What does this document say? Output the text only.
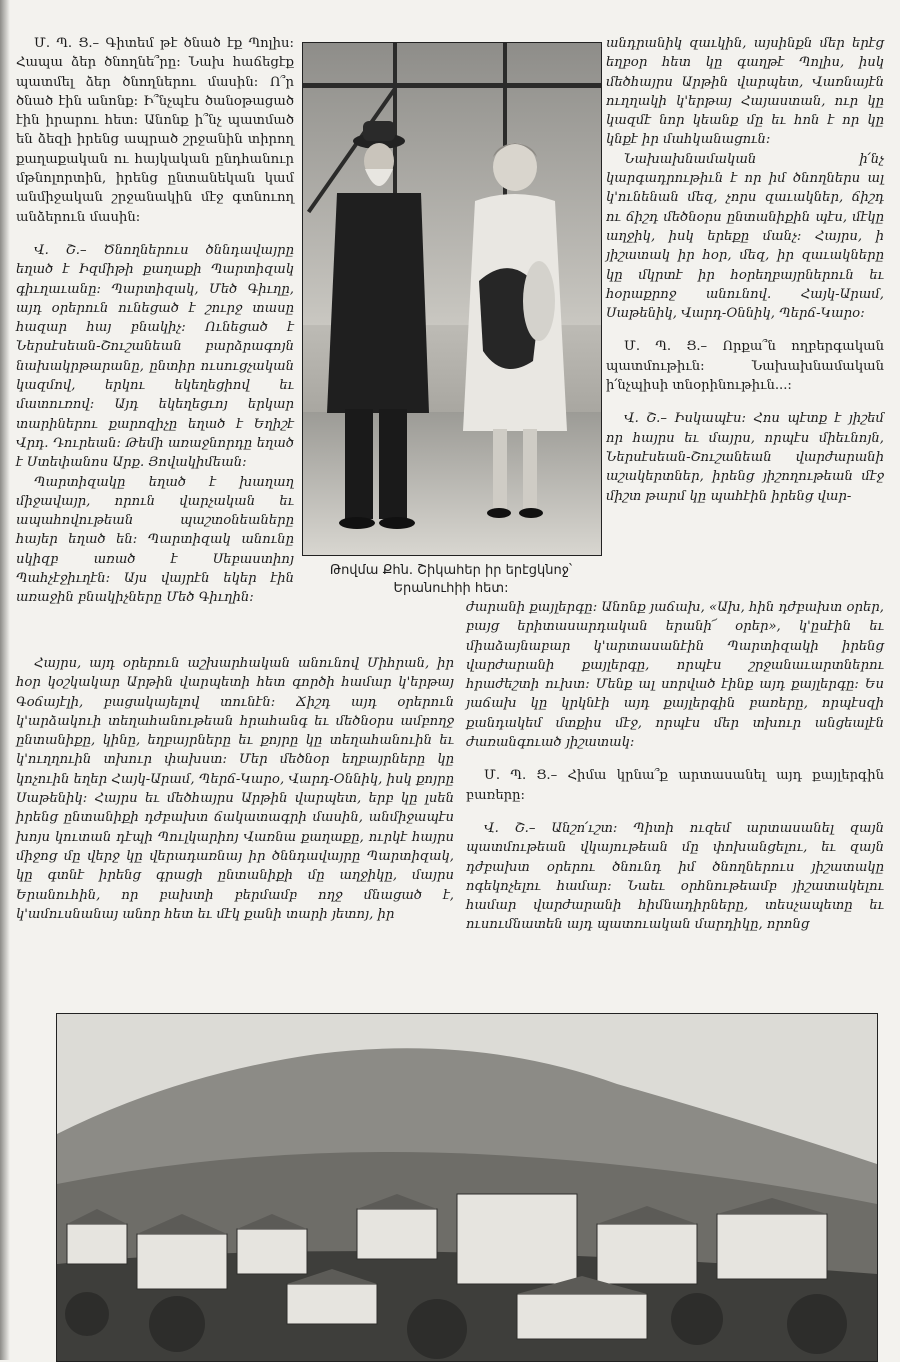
Մ. Պ. Ց.– Գիտեմ թէ ծնած էք Պոլիս: Հապա ձեր ծնողնե՞րը: Նախ հաճեցէք պատմել ձեր ծնողներու մասին: Ո՞ր ծնած էին անոնք: Ի՞նչպէս ծանօթացած էին իրարու հետ: Անոնք ի՞նչ պատմած են ձեզի իրենց ապրած շրջանին տիրող քաղաքական ու հայկական ընդհանուր մթնոլորտին, իրենց ընտանեկան կամ անմիջական շրջանակին մէջ գտնուող անձերուն մասին:

Վ. Շ.– Ծնողներուս ծննդավայրը եղած է Իզմիթի քաղաքի Պարտիզակ գիւղաւանը: Պարտիզակ, Մեծ Գիւղը, այդ օրերուն ունեցած է շուրջ տասը հազար հայ բնակիչ: Ունեցած է Ներսէսեան-Շուշանեան բարձրագոյն նախակրթարանը, ընտիր ուսուցչական կազմով, երկու եկեղեցիով եւ մատուռով: Այդ եկեղեցւոյ երկար տարիներու քարոզիչը եղած է Եղիշէ Վրդ. Դուրեան: Թեմի առաջնորդը եղած է Ստեփանոս Արք. Յովակիմեան:

Պարտիզակը եղած է խաղաղ միջավայր, որուն վարչական եւ ապահովութեան պաշտօնեաները հայեր եղած են: Պարտիզակ անունը սկիզբ առած է Սեբաստիոյ Պահչէջիւղէն: Այս վայրէն եկեր էին առաջին բնակիչները Մեծ Գիւղին:

Հայրս, այդ օրերուն աշխարհական անունով Միհրան, իր հօր կօշկակար Արթին վարպետի հետ գործի համար կ'երթայ Գօճայէլի, բացակայելով տունէն: Ճիշդ այդ օրերուն կ'արձակուի տեղահանութեան հրահանգ եւ մեծնօրս ամբողջ ընտանիքը, կինը, եղբայրները եւ քոյրը կը տեղահանուին եւ կ'ուղղուին տխուր փախստ: Մեր մեծնօր եղբայրները կը կոչուին եղեր Հայկ-Արամ, Պերճ-Կարօ, Վարդ-Օննիկ, իսկ քոյրը Սաթենիկ: Հայրս եւ մեծհայրս Արթին վարպետ, երբ կը լսեն իրենց ընտանիքի դժբախտ ճակատագրի մասին, անմիջապէս խոյս կուտան դէպի Պուլկարիոյ Վառնա քաղաքը, ուրկէ հայրս միջոց մը վերջ կը վերադառնայ իր ծննդավայրը Պարտիզակ, կը գտնէ իրենց գրացի ընտանիքի մը աղջիկը, մայրս Երանուհին, որ բախտի բերմամբ ողջ մնացած է, կ'ամուսնանայ անոր հետ եւ մէկ քանի տարի յետոյ, իր

Թովմա Քհն. Շիկահեր իր երէցկնոջ՝
Երանուհիի հետ:

անդրանիկ զաւկին, այսինքն մեր երէց եղբօր հետ կը գաղթէ Պոլիս, իսկ մեծհայրս Արթին վարպետ, Վառնայէն ուղղակի կ'երթայ Հայաստան, ուր կը կազմէ նոր կեանք մը եւ հոն է որ կը կնքէ իր մահկանացուն:

Նախախնամական ի՛նչ կարգադրութիւն է որ իմ ծնողներս ալ կ'ունենան մեզ, չորս զաւակներ, ճիշդ ու ճիշդ մեծնօրս ընտանիքին պէս, մէկը աղջիկ, իսկ երեքը մանչ: Հայրս, ի յիշատակ իր հօր, մեզ, իր զաւակները կը մկրտէ իր հօրեղբայրներուն եւ հօրաքրոջ անունով. Հայկ-Արամ, Սաթենիկ, Վարդ-Օննիկ, Պերճ-Կարօ:

Մ. Պ. Ց.– Որքա՞ն ողբերգական պատմութիւն: Նախախնամական ի՛նչպիսի տնօրինութիւն...:

Վ. Շ.– Իսկապէս: Հոս պէտք է յիշեմ որ հայրս եւ մայրս, որպէս միեւնոյն, Ներսէսեան-Շուշանեան վարժարանի աշակերտներ, իրենց յիշողութեան մէջ միշտ թարմ կը պահէին իրենց վար-

ժարանի քայլերգը: Անոնք յաճախ, «Ախ, հին դժբախտ օրեր, բայց երիտասարդական երանի՜ օրեր», կ'ըսէին եւ միաձայնաբար կ'արտասանէին Պարտիզակի իրենց վարժարանի քայլերգը, որպէս շրջանաւարտներու հրաժեշտի ուխտ: Մենք ալ սորված էինք այդ քայլերգը: Ես յաճախ կը կրկնէի այդ քայլերգին բառերը, որպէսզի քանդակեմ մտքիս մէջ, որպէս մեր տխուր անցեալէն ժառանգուած յիշատակ:

Մ. Պ. Ց.– Հիմա կրնա՞ք արտասանել այդ քայլերգին բառերը:

Վ. Շ.– Անշո՛ւշտ: Պիտի ուզեմ արտասանել զայն պատմութեան վկայութեան մը փոխանցելու, եւ զայն դժբախտ օրերու ծնունդ իմ ծնողներուս յիշատակը ոգեկոչելու համար: Նաեւ օրհնութեամբ յիշատակելու համար վարժարանի հիմնադիրները, տեսչապետը եւ ուսումնատեն այդ պատուական մարդիկը, որոնց
